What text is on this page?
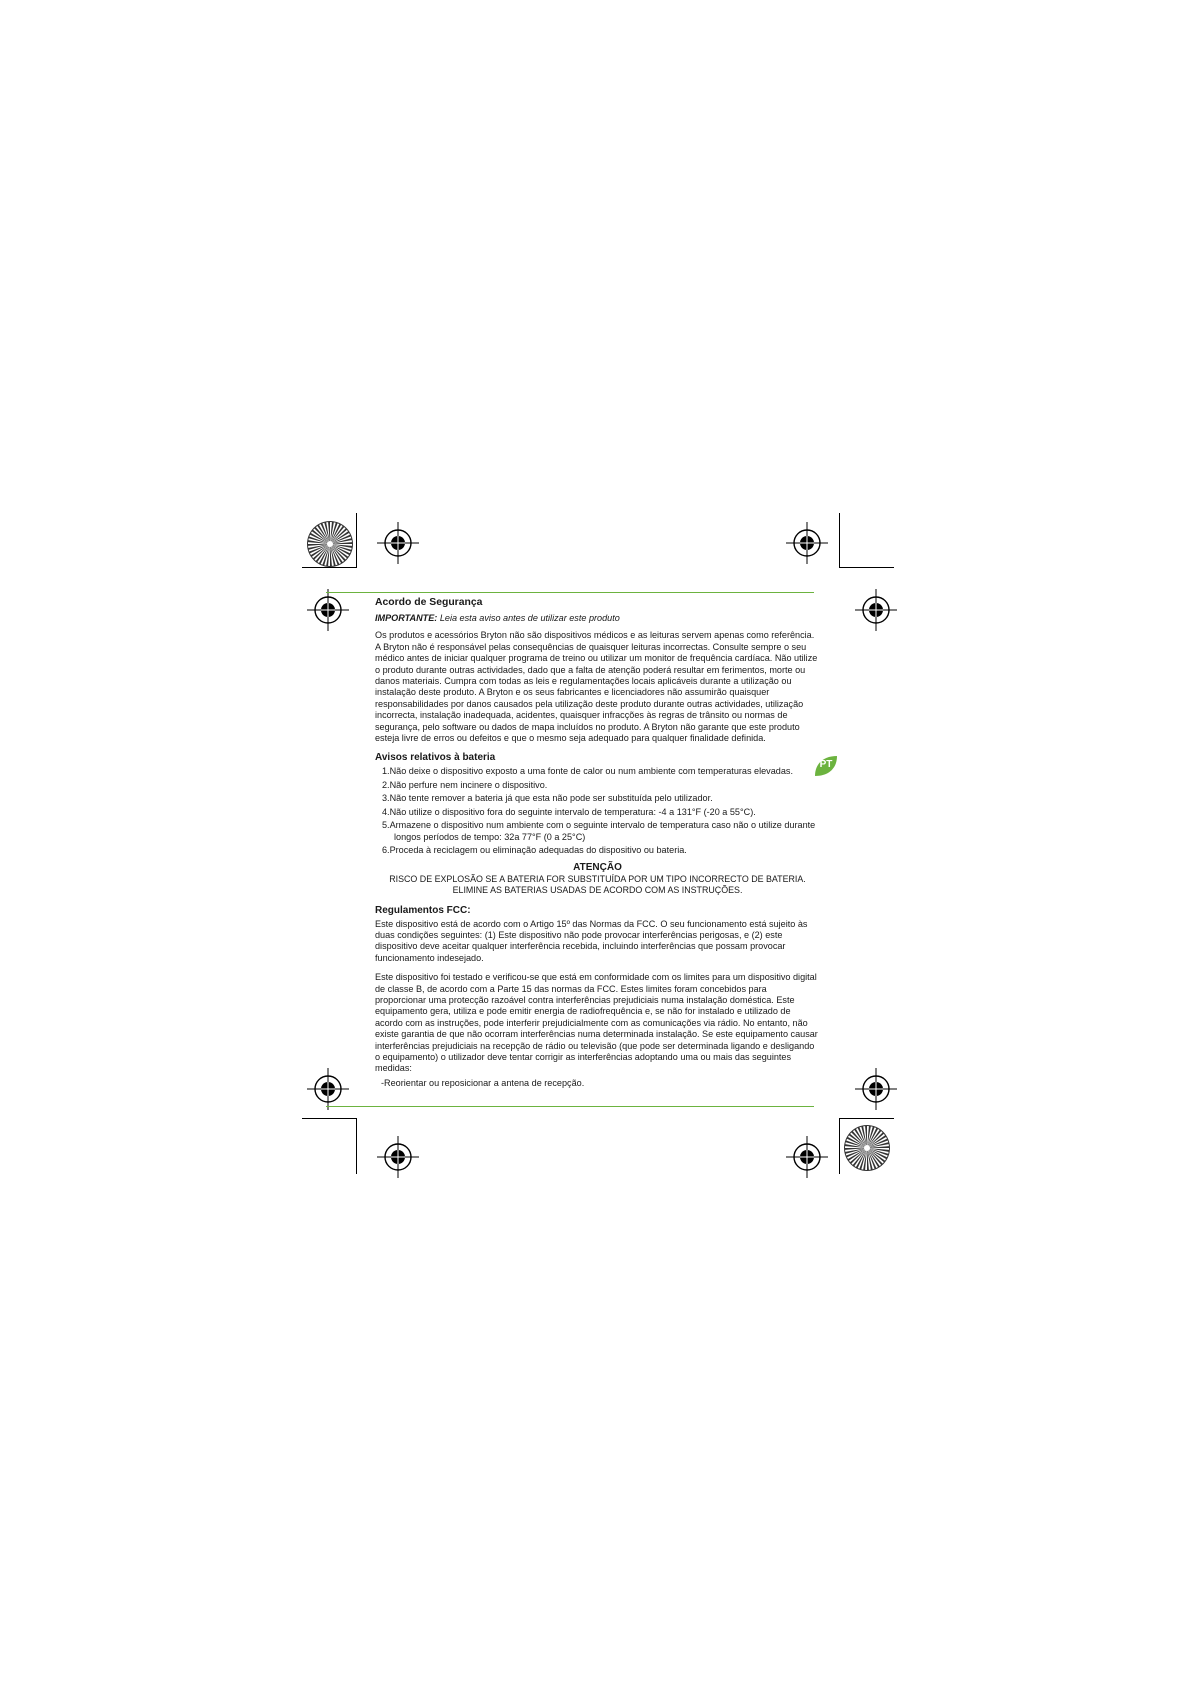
PT
Acordo de Segurança

IMPORTANTE: Leia esta aviso antes de utilizar este produto

Os produtos e acessórios Bryton não são dispositivos médicos e as leituras servem apenas como referência. A Bryton não é responsável pelas consequências de quaisquer leituras incorrectas. Consulte sempre o seu médico antes de iniciar qualquer programa de treino ou utilizar um monitor de frequência cardíaca. Não utilize o produto durante outras actividades, dado que a falta de atenção poderá resultar em ferimentos, morte ou danos materiais. Cumpra com todas as leis e regulamentações locais aplicáveis durante a utilização ou instalação deste produto. A Bryton e os seus fabricantes e licenciadores não assumirão quaisquer responsabilidades por danos causados pela utilização deste produto durante outras actividades, utilização incorrecta, instalação inadequada, acidentes, quaisquer infracções às regras de trânsito ou normas de segurança, pelo software ou dados de mapa incluídos no produto. A Bryton não garante que este produto esteja livre de erros ou defeitos e que o mesmo seja adequado para qualquer finalidade definida.

Avisos relativos à bateria
1.Não deixe o dispositivo exposto a uma fonte de calor ou num ambiente com temperaturas elevadas.
2.Não perfure nem incinere o dispositivo.
3.Não tente remover a bateria já que esta não pode ser substituída pelo utilizador.
4.Não utilize o dispositivo fora do seguinte intervalo de temperatura: -4 a 131°F (-20 a 55°C).
5.Armazene o dispositivo num ambiente com o seguinte intervalo de temperatura caso não o utilize durante longos períodos de tempo: 32a 77°F (0 a 25°C)
6.Proceda à reciclagem ou eliminação adequadas do dispositivo ou bateria.
ATENÇÃO
RISCO DE EXPLOSÃO SE A BATERIA FOR SUBSTITUÍDA POR UM TIPO INCORRECTO DE BATERIA.
ELIMINE AS BATERIAS USADAS DE ACORDO COM AS INSTRUÇÕES.
Regulamentos FCC:

Este dispositivo está de acordo com o Artigo 15º das Normas da FCC. O seu funcionamento está sujeito às duas condições seguintes: (1) Este dispositivo não pode provocar interferências perigosas, e (2) este dispositivo deve aceitar qualquer interferência recebida, incluindo interferências que possam provocar funcionamento indesejado.

Este dispositivo foi testado e verificou-se que está em conformidade com os limites para um dispositivo digital de classe B, de acordo com a Parte 15 das normas da FCC. Estes limites foram concebidos para proporcionar uma protecção razoável contra interferências prejudiciais numa instalação doméstica. Este equipamento gera, utiliza e pode emitir energia de radiofrequência e, se não for instalado e utilizado de acordo com as instruções, pode interferir prejudicialmente com as comunicações via rádio. No entanto, não existe garantia de que não ocorram interferências numa determinada instalação. Se este equipamento causar interferências prejudiciais na recepção de rádio ou televisão (que pode ser determinada ligando e desligando o equipamento) o utilizador deve tentar corrigir as interferências adoptando uma ou mais das seguintes medidas:

-Reorientar ou reposicionar a antena de recepção.
